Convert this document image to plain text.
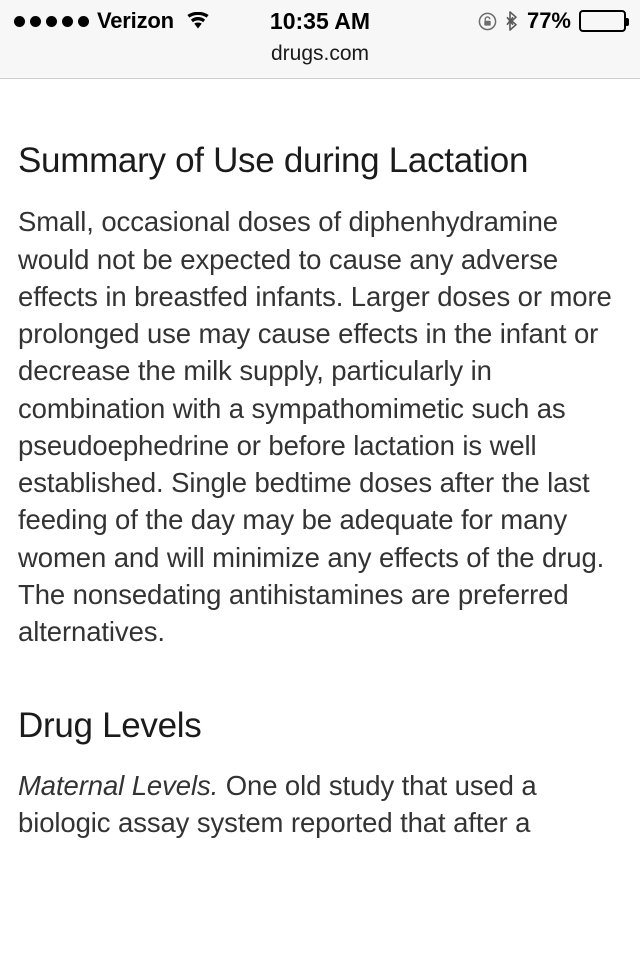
Verizon	10:35 AM	77%
drugs.com
Summary of Use during Lactation

Small, occasional doses of diphenhydramine would not be expected to cause any adverse effects in breastfed infants. Larger doses or more prolonged use may cause effects in the infant or decrease the milk supply, particularly in combination with a sympathomimetic such as pseudoephedrine or before lactation is well established. Single bedtime doses after the last feeding of the day may be adequate for many women and will minimize any effects of the drug. The nonsedating antihistamines are preferred alternatives.

Drug Levels

Maternal Levels. One old study that used a biologic assay system reported that after a
